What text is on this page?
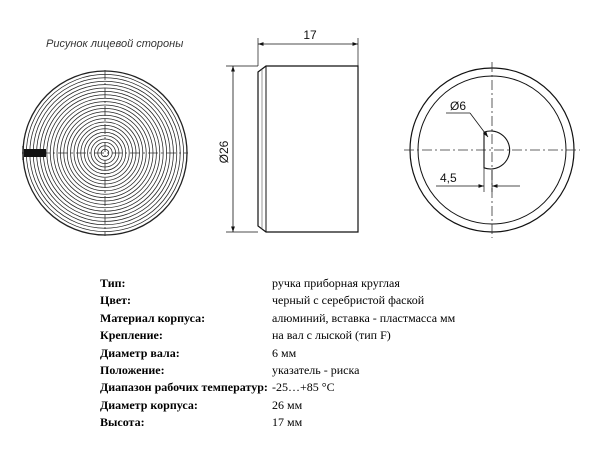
Рисунок лицевой стороны
17
Ø26
Ø6
4,5
Тип:	ручка приборная круглая
Цвет:	черный с серебристой фаской
Материал корпуса:	алюминий, вставка - пластмасса мм
Крепление:	на вал с лыской (тип F)
Диаметр вала:	6 мм
Положение:	указатель - риска
Диапазон рабочих температур:	-25…+85 °C
Диаметр корпуса:	26 мм
Высота:	17 мм
